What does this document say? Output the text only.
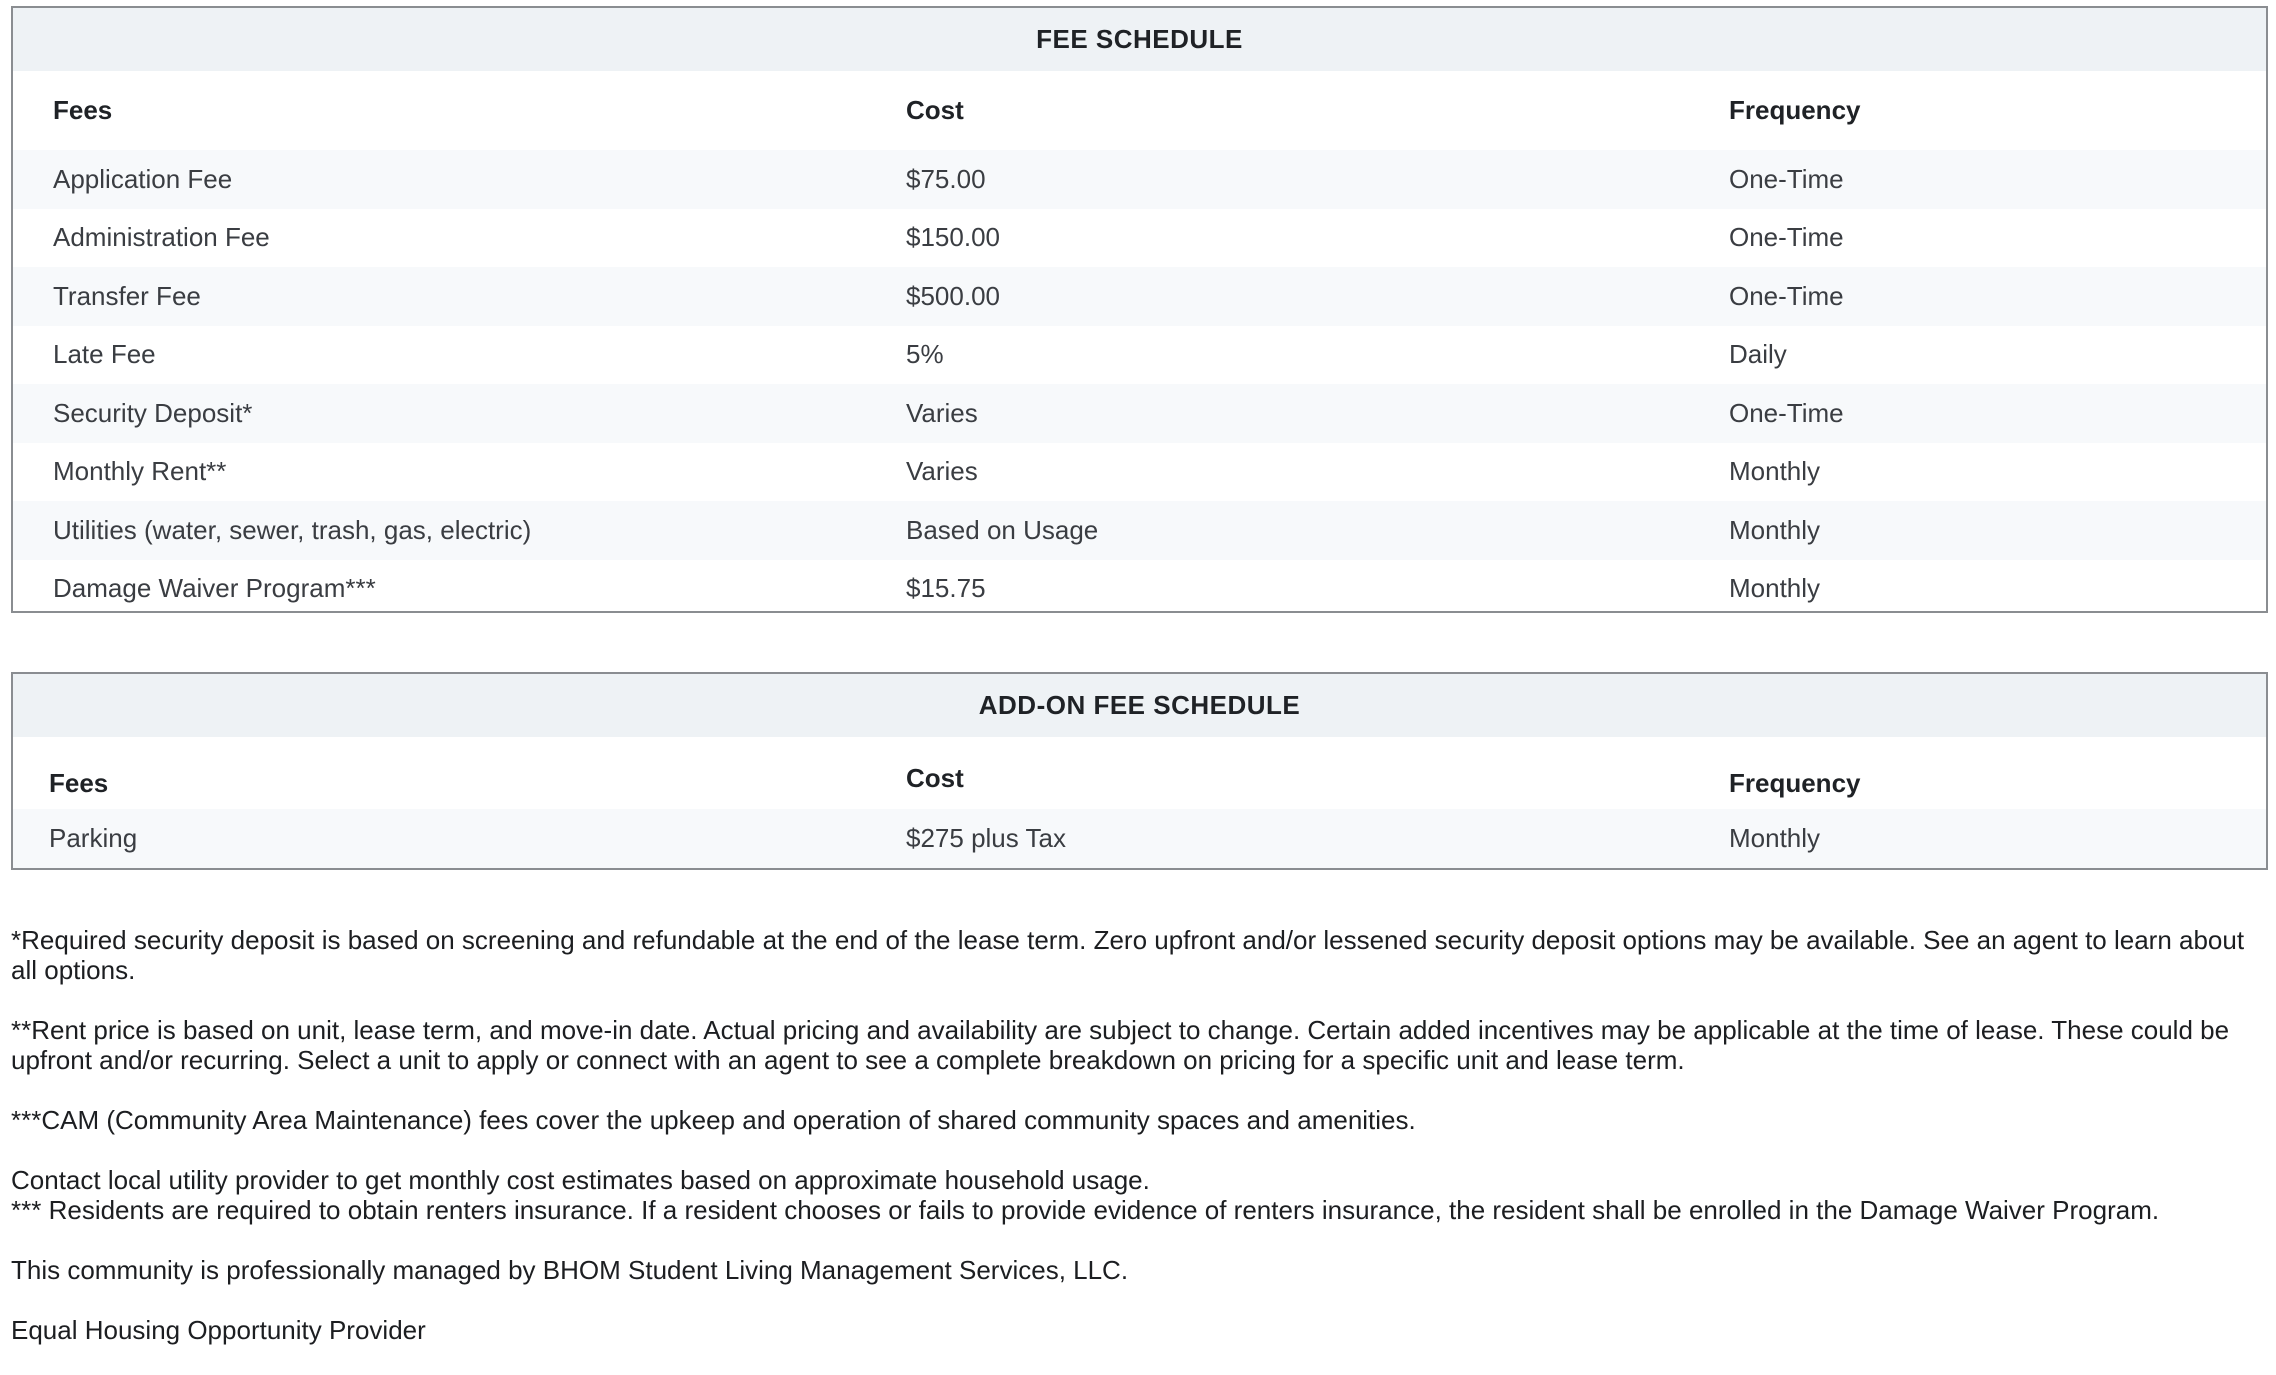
FEE SCHEDULE
Fees	Cost	Frequency
Application Fee	$75.00	One-Time
Administration Fee	$150.00	One-Time
Transfer Fee	$500.00	One-Time
Late Fee	5%	Daily
Security Deposit*	Varies	One-Time
Monthly Rent**	Varies	Monthly
Utilities (water, sewer, trash, gas, electric)	Based on Usage	Monthly
Damage Waiver Program***	$15.75	Monthly
ADD-ON FEE SCHEDULE
Fees	Cost	Frequency
Parking	$275 plus Tax	Monthly

*Required security deposit is based on screening and refundable at the end of the lease term. Zero upfront and/or lessened security deposit options may be available. See an agent to learn about all options.

**Rent price is based on unit, lease term, and move-in date. Actual pricing and availability are subject to change. Certain added incentives may be applicable at the time of lease. These could be upfront and/or recurring. Select a unit to apply or connect with an agent to see a complete breakdown on pricing for a specific unit and lease term.

***CAM (Community Area Maintenance) fees cover the upkeep and operation of shared community spaces and amenities.

Contact local utility provider to get monthly cost estimates based on approximate household usage.

*** Residents are required to obtain renters insurance. If a resident chooses or fails to provide evidence of renters insurance, the resident shall be enrolled in the Damage Waiver Program.

This community is professionally managed by BHOM Student Living Management Services, LLC.

Equal Housing Opportunity Provider
